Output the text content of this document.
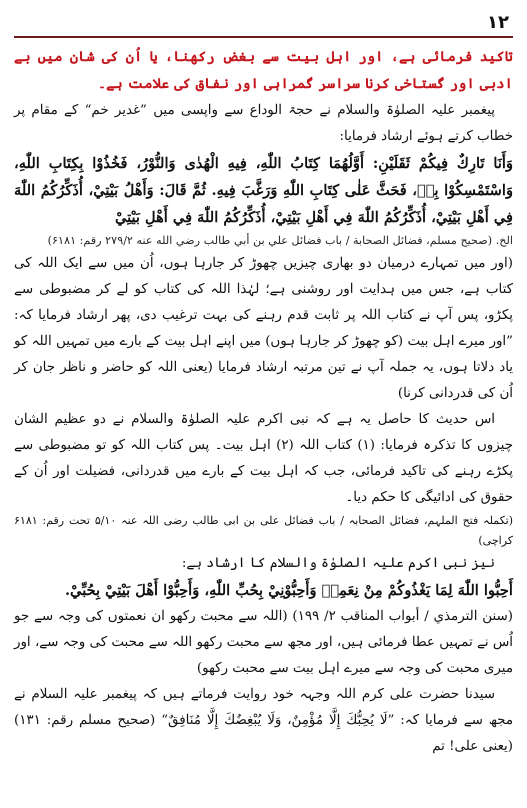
١٢

تاکید فرمائی ہے، اور اہل بیت سے بغض رکھنا، یا اُن کی شان میں بے ادبی اور گستاخی کرنا سراسر گمراہی اور نفاق کی علامت ہے۔

پیغمبر علیہ الصلوٰۃ والسلام نے حجۃ الوداع سے واپسی میں ”غدیر خم“ کے مقام پر خطاب کرتے ہوئے ارشاد فرمایا:

وَأَنَا تَارِكٌ فِيكُمْ ثَقَلَيْنِ: أَوَّلُهُمَا كِتَابُ اللّٰهِ، فِيهِ الْهُدٰى وَالنُّوْرُ، فَخُذُوْا بِكِتَابِ اللّٰهِ، وَاسْتَمْسِكُوْا بِهٖ، فَحَثَّ عَلٰى كِتَابِ اللّٰهِ وَرَغَّبَ فِيهِ. ثُمَّ قَالَ: وَأَهْلُ بَيْتِيْ، أُذَكِّرُكُمُ اللّٰهَ فِي أَهْلِ بَيْتِيْ، أُذَكِّرُكُمُ اللّٰهَ فِي أَهْلِ بَيْتِيْ، أُذَكِّرُكُمُ اللّٰهَ فِي أَهْلِ بَيْتِيْ

الخ. (صحيح مسلم، فضائل الصحابة / باب فضائل علي بن أبي طالب رضي الله عنه ۲۷۹/۲ رقم: ۶۱۸۱)

(اور میں تمہارے درمیان دو بھاری چیزیں چھوڑ کر جارہا ہوں، اُن میں سے ایک اللہ کی کتاب ہے، جس میں ہدایت اور روشنی ہے؛ لہٰذا اللہ کی کتاب کو لے کر مضبوطی سے پکڑو، پس آپ نے کتاب اللہ پر ثابت قدم رہنے کی بہت ترغیب دی، پھر ارشاد فرمایا کہ: ”اور میرے اہل بیت (کو چھوڑ کر جارہا ہوں) میں اپنے اہل بیت کے بارے میں تمہیں اللہ کو یاد دلاتا ہوں، یہ جملہ آپ نے تین مرتبہ ارشاد فرمایا (یعنی اللہ کو حاضر و ناظر جان کر اُن کی قدردانی کرنا)

اس حدیث کا حاصل یہ ہے کہ نبی اکرم علیہ الصلوٰۃ والسلام نے دو عظیم الشان چیزوں کا تذکرہ فرمایا: (۱) کتاب اللہ (۲) اہل بیت۔ پس کتاب اللہ کو تو مضبوطی سے پکڑے رہنے کی تاکید فرمائی، جب کہ اہل بیت کے بارے میں قدردانی، فضیلت اور اُن کے حقوق کی ادائیگی کا حکم دیا۔

(تکملہ فتح الملہم، فضائل الصحابہ / باب فضائل علی بن ابی طالب رضی اللہ عنہ ۵/۱۰ تحت رقم: ۶۱۸۱ کراچی)

نیز نبی اکرم علیہ الصلوٰۃ والسلام کا ارشاد ہے:

أَحِبُّوا اللّٰهَ لِمَا يَغْذُوكُمْ مِنْ نِعَمِهٖ وَأَحِبُّوْنِيْ بِحُبِّ اللّٰهِ، وَأَحِبُّوْا أَهْلَ بَيْتِيْ بِحُبِّيْ.

(سنن الترمذي / أبواب المناقب ۲/ ۱۹۹) (اللہ سے محبت رکھو ان نعمتوں کی وجہ سے جو اُس نے تمہیں عطا فرمائی ہیں، اور مجھ سے محبت رکھو اللہ سے محبت کی وجہ سے، اور میری محبت کی وجہ سے میرے اہل بیت سے محبت رکھو)

سیدنا حضرت علی کرم اللہ وجہہ خود روایت فرماتے ہیں کہ پیغمبر علیہ السلام نے مجھ سے فرمایا کہ: ”لَا يُحِبُّكَ إِلَّا مُؤْمِنٌ، وَلَا يُبْغِضُكَ إِلَّا مُنَافِقٌ“ (صحيح مسلم رقم: ۱۳۱) (یعنی علی! تم
